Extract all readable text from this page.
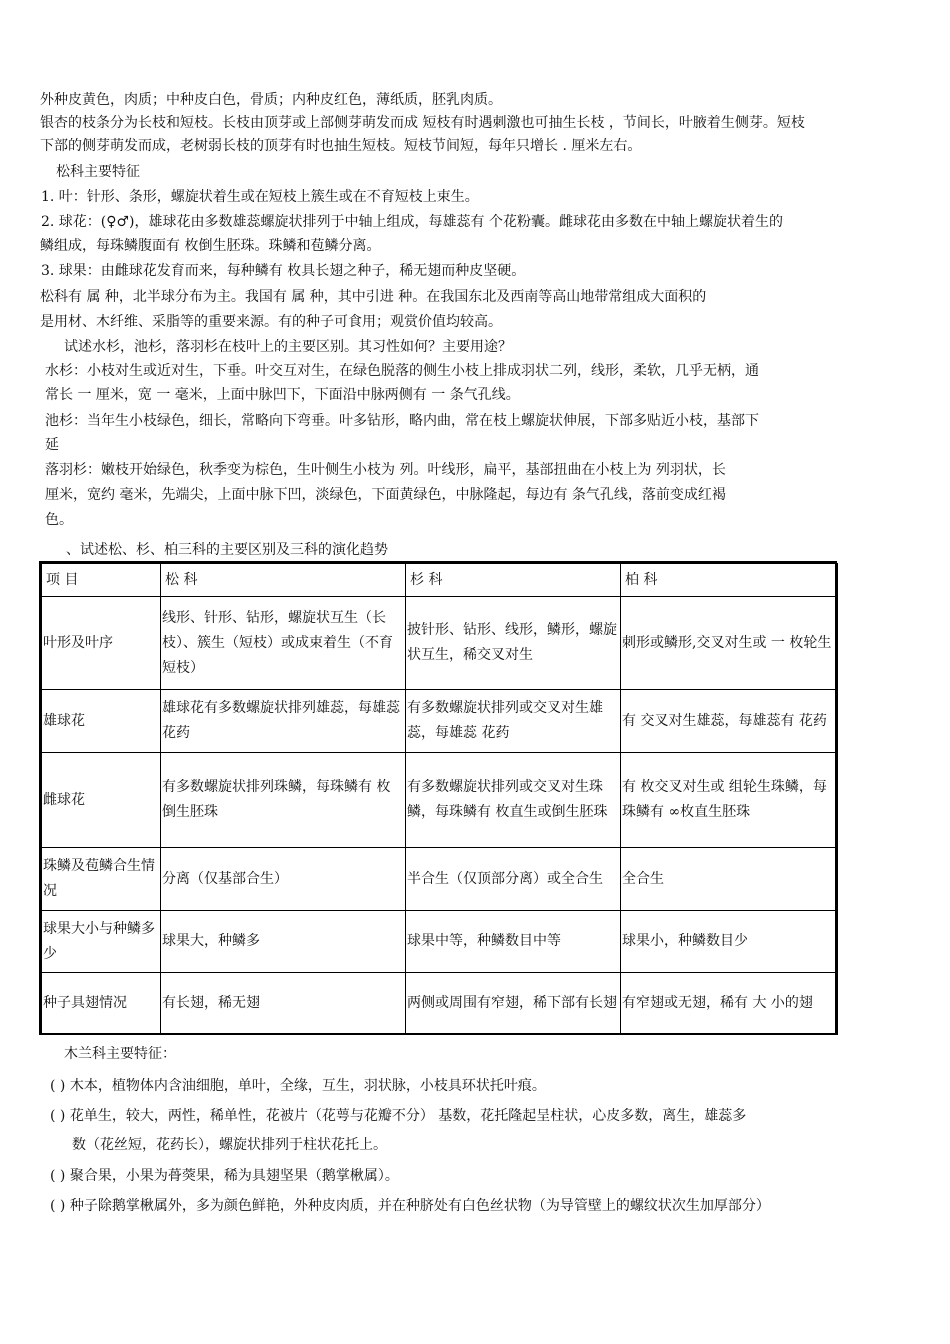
外种皮黄色，肉质；中种皮白色，骨质；内种皮红色，薄纸质，胚乳肉质。
银杏的枝条分为长枝和短枝。长枝由顶芽或上部侧芽萌发而成 短枝有时遇刺激也可抽生长枝 ，节间长，叶腋着生侧芽。短枝
下部的侧芽萌发而成，老树弱长枝的顶芽有时也抽生短枝。短枝节间短，每年只增长 . 厘米左右。
松科主要特征
1. 叶：针形、条形，螺旋状着生或在短枝上簇生或在不育短枝上束生。
2. 球花：(♀♂)，雄球花由多数雄蕊螺旋状排列于中轴上组成，每雄蕊有 个花粉囊。雌球花由多数在中轴上螺旋状着生的
鳞组成，每珠鳞腹面有 枚倒生胚珠。珠鳞和苞鳞分离。
3. 球果：由雌球花发育而来，每种鳞有 枚具长翅之种子，稀无翅而种皮坚硬。
松科有 属 种，北半球分布为主。我国有 属 种，其中引进 种。在我国东北及西南等高山地带常组成大面积的
是用材、木纤维、采脂等的重要来源。有的种子可食用；观赏价值均较高。
试述水杉，池杉，落羽杉在枝叶上的主要区别。其习性如何？主要用途？
水杉：小枝对生或近对生，下垂。叶交互对生，在绿色脱落的侧生小枝上排成羽状二列，线形，柔软，几乎无柄，通
常长 一 厘米，宽 一 毫米，上面中脉凹下，下面沿中脉两侧有 一 条气孔线。
池杉：当年生小枝绿色，细长，常略向下弯垂。叶多钻形，略内曲，常在枝上螺旋状伸展，下部多贴近小枝，基部下
延
落羽杉：嫩枝开始绿色，秋季变为棕色，生叶侧生小枝为 列。叶线形，扁平，基部扭曲在小枝上为 列羽状，长
厘米，宽约 毫米，先端尖，上面中脉下凹，淡绿色，下面黄绿色，中脉隆起，每边有 条气孔线，落前变成红褐
色。
、试述松、杉、柏三科的主要区别及三科的演化趋势
项 目	松 科	杉 科	柏 科
叶形及叶序	线形、针形、钻形，螺旋状互生（长枝）、簇生（短枝）或成束着生（不育短枝）	披针形、钻形、线形，鳞形，螺旋状互生，稀交叉对生	刺形或鳞形,交叉对生或 一 枚轮生
雄球花	雄球花有多数螺旋状排列雄蕊，每雄蕊 花药	有多数螺旋状排列或交叉对生雄蕊，每雄蕊 花药	有 交叉对生雄蕊，每雄蕊有 花药
雌球花	有多数螺旋状排列珠鳞，每珠鳞有 枚倒生胚珠	有多数螺旋状排列或交叉对生珠鳞，每珠鳞有 枚直生或倒生胚珠	有 枚交叉对生或 组轮生珠鳞，每珠鳞有 ∞枚直生胚珠
珠鳞及苞鳞合生情况	分离（仅基部合生）	半合生（仅顶部分离）或全合生	全合生
球果大小与种鳞多少	球果大，种鳞多	球果中等，种鳞数目中等	球果小，种鳞数目少
种子具翅情况	有长翅，稀无翅	两侧或周围有窄翅，稀下部有长翅	有窄翅或无翅，稀有 大 小的翅
木兰科主要特征：
( ) 木本，植物体内含油细胞，单叶，全缘，互生，羽状脉，小枝具环状托叶痕。
( ) 花单生，较大，两性，稀单性，花被片（花萼与花瓣不分） 基数，花托隆起呈柱状，心皮多数，离生，雄蕊多
数（花丝短，花药长），螺旋状排列于柱状花托上。
( ) 聚合果，小果为蓇葖果，稀为具翅坚果（鹅掌楸属）。
( ) 种子除鹅掌楸属外，多为颜色鲜艳，外种皮肉质，并在种脐处有白色丝状物（为导管壁上的螺纹状次生加厚部分）
